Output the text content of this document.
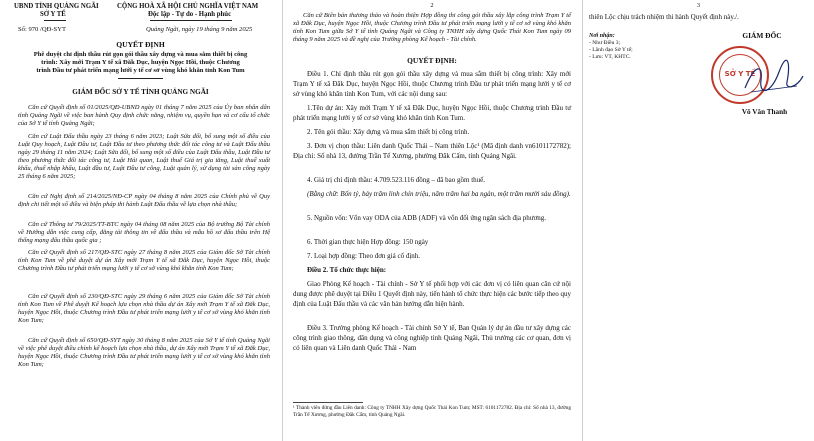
UBND TỈNH QUẢNG NGÃI
SỞ Y TẾ
CỘNG HOÀ XÃ HỘI CHỦ NGHĨA VIỆT NAM
Độc lập - Tự do - Hạnh phúc
Số: 970 /QĐ-SYT	Quảng Ngãi, ngày 19 tháng 9 năm 2025
QUYẾT ĐỊNH
Phê duyệt chỉ định thầu rút gọn gói thầu xây dựng và mua sắm thiết bị công
trình: Xây mới Trạm Y tế xã Đăk Dục, huyện Ngọc Hồi, thuộc Chương
trình Đầu tư phát triển mạng lưới y tế cơ sở vùng khó khăn tỉnh Kon Tum
GIÁM ĐỐC SỞ Y TẾ TỈNH QUẢNG NGÃI
Căn cứ Quyết định số 01/2025/QĐ-UBND ngày 01 tháng 7 năm 2025 của Ủy ban nhân dân tỉnh Quảng Ngãi về việc ban hành Quy định chức năng, nhiệm vụ, quyền hạn và cơ cấu tổ chức của Sở Y tế tỉnh Quảng Ngãi;
Căn cứ Luật Đấu thầu ngày 23 tháng 6 năm 2023; Luật Sửa đổi, bổ sung một số điều của Luật Quy hoạch, Luật Đầu tư, Luật Đầu tư theo phương thức đối tác công tư và Luật Đấu thầu ngày 29 tháng 11 năm 2024; Luật Sửa đổi, bổ sung một số điều của Luật Đấu thầu, Luật Đầu tư theo phương thức đối tác công tư, Luật Hải quan, Luật thuế Giá trị gia tăng, Luật thuế xuất khẩu, thuế nhập khẩu, Luật đầu tư, Luật Đầu tư công, Luật quản lý, sử dụng tài sản công ngày 25 tháng 6 năm 2025;
Căn cứ Nghị định số 214/2025/NĐ-CP ngày 04 tháng 8 năm 2025 của Chính phủ về Quy định chi tiết một số điều và biện pháp thi hành Luật Đấu thầu về lựa chọn nhà thầu;
Căn cứ Thông tư 79/2025/TT-BTC ngày 04 tháng 08 năm 2025 của Bộ trưởng Bộ Tài chính về Hướng dẫn việc cung cấp, đăng tải thông tin về đấu thầu và mẫu hồ sơ đấu thầu trên Hệ thống mạng đấu thầu quốc gia ;
Căn cứ Quyết định số 217/QĐ-STC ngày 27 tháng 8 năm 2025 của Giám đốc Sở Tài chính tỉnh Kon Tum về phê duyệt dự án Xây mới Trạm Y tế xã Đăk Dục, huyện Ngọc Hồi, thuộc Chương trình Đầu tư phát triển mạng lưới y tế cơ sở vùng khó khăn tỉnh Kon Tum;
Căn cứ Quyết định số 230/QĐ-STC ngày 29 tháng 6 năm 2025 của Giám đốc Sở Tài chính tỉnh Kon Tum về Phê duyệt Kế hoạch lựa chọn nhà thầu dự án Xây mới Trạm Y tế xã Đăk Dục, huyện Ngọc Hồi, thuộc Chương trình Đầu tư phát triển mạng lưới y tế cơ sở vùng khó khăn tỉnh Kon Tum;
Căn cứ Quyết định số 650/QĐ-SYT ngày 30 tháng 8 năm 2025 của Sở Y tế tỉnh Quảng Ngãi về việc phê duyệt điều chỉnh kế hoạch lựa chọn nhà thầu, dự án Xây mới Trạm Y tế xã Đăk Dục, huyện Ngọc Hồi, thuộc Chương trình Đầu tư phát triển mạng lưới y tế cơ sở vùng khó khăn tỉnh Kon Tum;
2
Căn cứ Biên bản thương thảo và hoàn thiện Hợp đồng thi công gói thầu xây lắp công trình Trạm Y tế xã Đăk Dục, huyện Ngọc Hồi, thuộc Chương trình Đầu tư phát triển mạng lưới y tế cơ sở vùng khó khăn tỉnh Kon Tum giữa Sở Y tế tỉnh Quảng Ngãi và Công ty TNHH xây dựng Quốc Thái Kon Tum ngày 09 tháng 9 năm 2025 và đề nghị của Trưởng phòng Kế hoạch - Tài chính.
QUYẾT ĐỊNH:
Điều 1. Chỉ định thầu rút gọn gói thầu xây dựng và mua sắm thiết bị công trình: Xây mới Trạm Y tế xã Đăk Dục, huyện Ngọc Hồi, thuộc Chương trình Đầu tư phát triển mạng lưới y tế cơ sở vùng khó khăn tỉnh Kon Tum, với các nội dung sau:
1.Tên dự án: Xây mới Trạm Y tế xã Đăk Dục, huyện Ngọc Hồi, thuộc Chương trình Đầu tư phát triển mạng lưới y tế cơ sở vùng khó khăn tỉnh Kon Tum.
2. Tên gói thầu: Xây dựng và mua sắm thiết bị công trình.
3. Đơn vị chọn thầu: Liên danh Quốc Thái – Nam thiên Lộc¹ (Mã định danh vn6101172782); Địa chỉ: Số nhà 13, đường Trần Tế Xương, phường Đăk Cấm, tỉnh Quảng Ngãi.
4. Giá trị chỉ định thầu: 4.709.523.116 đồng – đã bao gồm thuế.
(Bằng chữ: Bốn tỷ, bảy trăm linh chín triệu, năm trăm hai ba ngàn, một trăm mười sáu đồng).
5. Nguồn vốn: Vốn vay ODA của ADB (ADF) và vốn đối ứng ngân sách địa phương.
6. Thời gian thực hiện Hợp đồng: 150 ngày
7. Loại hợp đồng: Theo đơn giá cố định.
Điều 2. Tổ chức thực hiện:
Giao Phòng Kế hoạch - Tài chính - Sở Y tế phối hợp với các đơn vị có liên quan căn cứ nội dung được phê duyệt tại Điều 1 Quyết định này, tiến hành tổ chức thực hiện các bước tiếp theo quy định của Luật Đấu thầu và các văn bản hướng dẫn hiện hành.
Điều 3. Trưởng phòng Kế hoạch - Tài chính Sở Y tế, Ban Quản lý dự án đầu tư xây dựng các công trình giao thông, dân dụng và công nghiệp tỉnh Quảng Ngãi, Thủ trưởng các cơ quan, đơn vị có liên quan và Liên danh Quốc Thái - Nam
¹ Thành viên đứng đầu Liên danh: Công ty TNHH Xây dựng Quốc Thái Kon Tum; MST: 6101172782. Địa chỉ: Số nhà 13, đường Trần Tế Xương, phường Đăk Cấm, tỉnh Quảng Ngãi.
3
thiên Lộc chịu trách nhiệm thi hành Quyết định này./.
Nơi nhận:
- Như Điều 3;
- Lãnh đạo Sở Y tế;
- Lưu: VT, KHTC.
GIÁM ĐỐC
SỞ Y TẾ
Võ Văn Thanh
